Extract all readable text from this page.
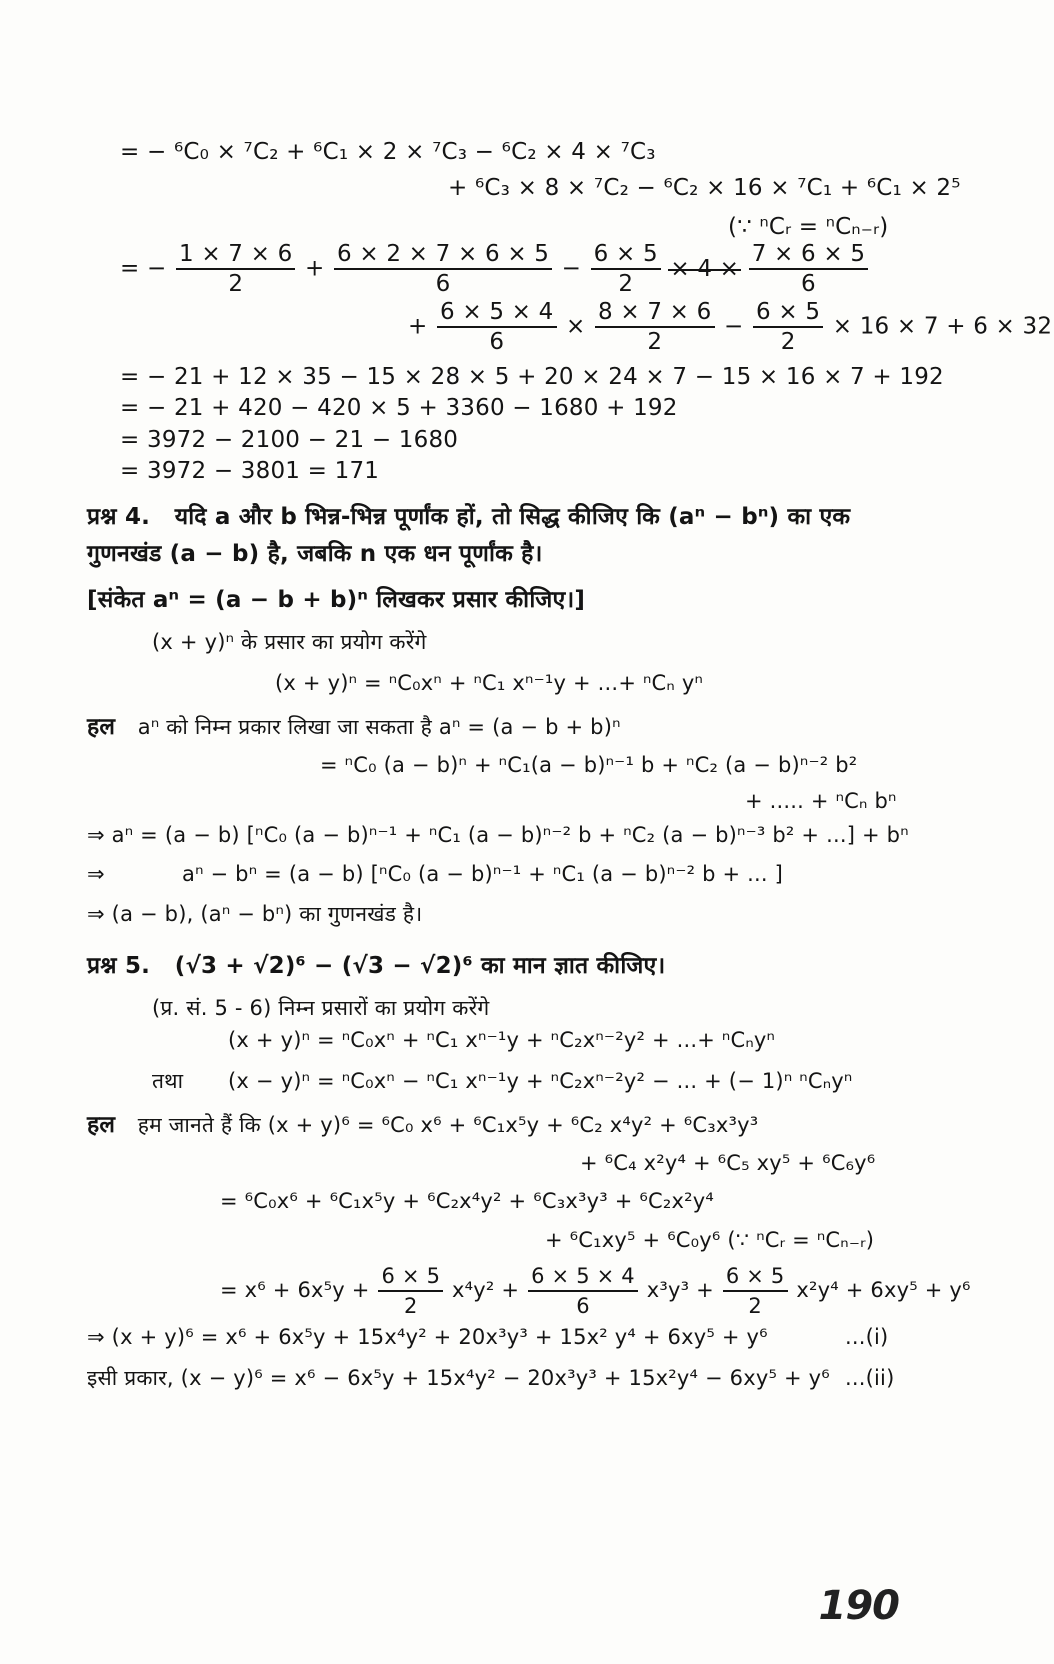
= − ⁶C₀ × ⁷C₂ + ⁶C₁ × 2 × ⁷C₃ − ⁶C₂ × 4 × ⁷C₃
+ ⁶C₃ × 8 × ⁷C₂ − ⁶C₂ × 16 × ⁷C₁ + ⁶C₁ × 2⁵
(∵ ⁿCᵣ = ⁿCₙ₋ᵣ)
= − $\frac{1 \times 7 \times 6}{2} + \frac{6 \times 2 \times 7 \times 6 \times 5}{6} - \frac{6 \times 5}{2} \times 4 \times \frac{7 \times 6 \times 5}{6}$
+ $\frac{6 \times 5 \times 4}{6} \times \frac{8 \times 7 \times 6}{2} - \frac{6 \times 5}{2} \times 16 \times 7 + 6 \times 32$
= − 21 + 12 × 35 − 15 × 28 × 5 + 20 × 24 × 7 − 15 × 16 × 7 + 192
= − 21 + 420 − 420 × 5 + 3360 − 1680 + 192
= 3972 − 2100 − 21 − 1680
= 3972 − 3801 = 171
प्रश्न 4. यदि a और b भिन्न-भिन्न पूर्णांक हों, तो सिद्ध कीजिए कि (aⁿ − bⁿ) का एक
गुणनखंड (a − b) है, जबकि n एक धन पूर्णांक है।
[संकेत aⁿ = (a − b + b)ⁿ लिखकर प्रसार कीजिए।]
(x + y)ⁿ के प्रसार का प्रयोग करेंगे
(x + y)ⁿ = ⁿC₀xⁿ + ⁿC₁ xⁿ⁻¹y + ...+ ⁿCₙ yⁿ
हल aⁿ को निम्न प्रकार लिखा जा सकता है aⁿ = (a − b + b)ⁿ
= ⁿC₀ (a − b)ⁿ + ⁿC₁(a − b)ⁿ⁻¹ b + ⁿC₂ (a − b)ⁿ⁻² b²
+ ..... + ⁿCₙ bⁿ
⇒ aⁿ = (a − b) [ⁿC₀ (a − b)ⁿ⁻¹ + ⁿC₁ (a − b)ⁿ⁻² b + ⁿC₂ (a − b)ⁿ⁻³ b² + ...] + bⁿ
⇒	aⁿ − bⁿ = (a − b) [ⁿC₀ (a − b)ⁿ⁻¹ + ⁿC₁ (a − b)ⁿ⁻² b + ... ]
⇒ (a − b), (aⁿ − bⁿ) का गुणनखंड है।
प्रश्न 5. (√3 + √2)⁶ − (√3 − √2)⁶ का मान ज्ञात कीजिए।
(प्र. सं. 5 - 6) निम्न प्रसारों का प्रयोग करेंगे
(x + y)ⁿ = ⁿC₀xⁿ + ⁿC₁ xⁿ⁻¹y + ⁿC₂xⁿ⁻²y² + ...+ ⁿCₙyⁿ
तथा (x − y)ⁿ = ⁿC₀xⁿ − ⁿC₁ xⁿ⁻¹y + ⁿC₂xⁿ⁻²y² − ... + (− 1)ⁿ ⁿCₙyⁿ
हल हम जानते हैं कि (x + y)⁶ = ⁶C₀ x⁶ + ⁶C₁x⁵y + ⁶C₂ x⁴y² + ⁶C₃x³y³
+ ⁶C₄ x²y⁴ + ⁶C₅ xy⁵ + ⁶C₆y⁶
= ⁶C₀x⁶ + ⁶C₁x⁵y + ⁶C₂x⁴y² + ⁶C₃x³y³ + ⁶C₂x²y⁴
+ ⁶C₁xy⁵ + ⁶C₀y⁶ (∵ ⁿCᵣ = ⁿCₙ₋ᵣ)
= $x^6 + 6x^5y + \frac{6 \times 5}{2} x^4y^2 + \frac{6 \times 5 \times 4}{6} x^3y^3 + \frac{6 \times 5}{2} x^2y^4 + 6xy^5 + y^6$
⇒ (x + y)⁶ = x⁶ + 6x⁵y + 15x⁴y² + 20x³y³ + 15x² y⁴ + 6xy⁵ + y⁶	...(i)
इसी प्रकार, (x − y)⁶ = x⁶ − 6x⁵y + 15x⁴y² − 20x³y³ + 15x²y⁴ − 6xy⁵ + y⁶ ...(ii)
190
